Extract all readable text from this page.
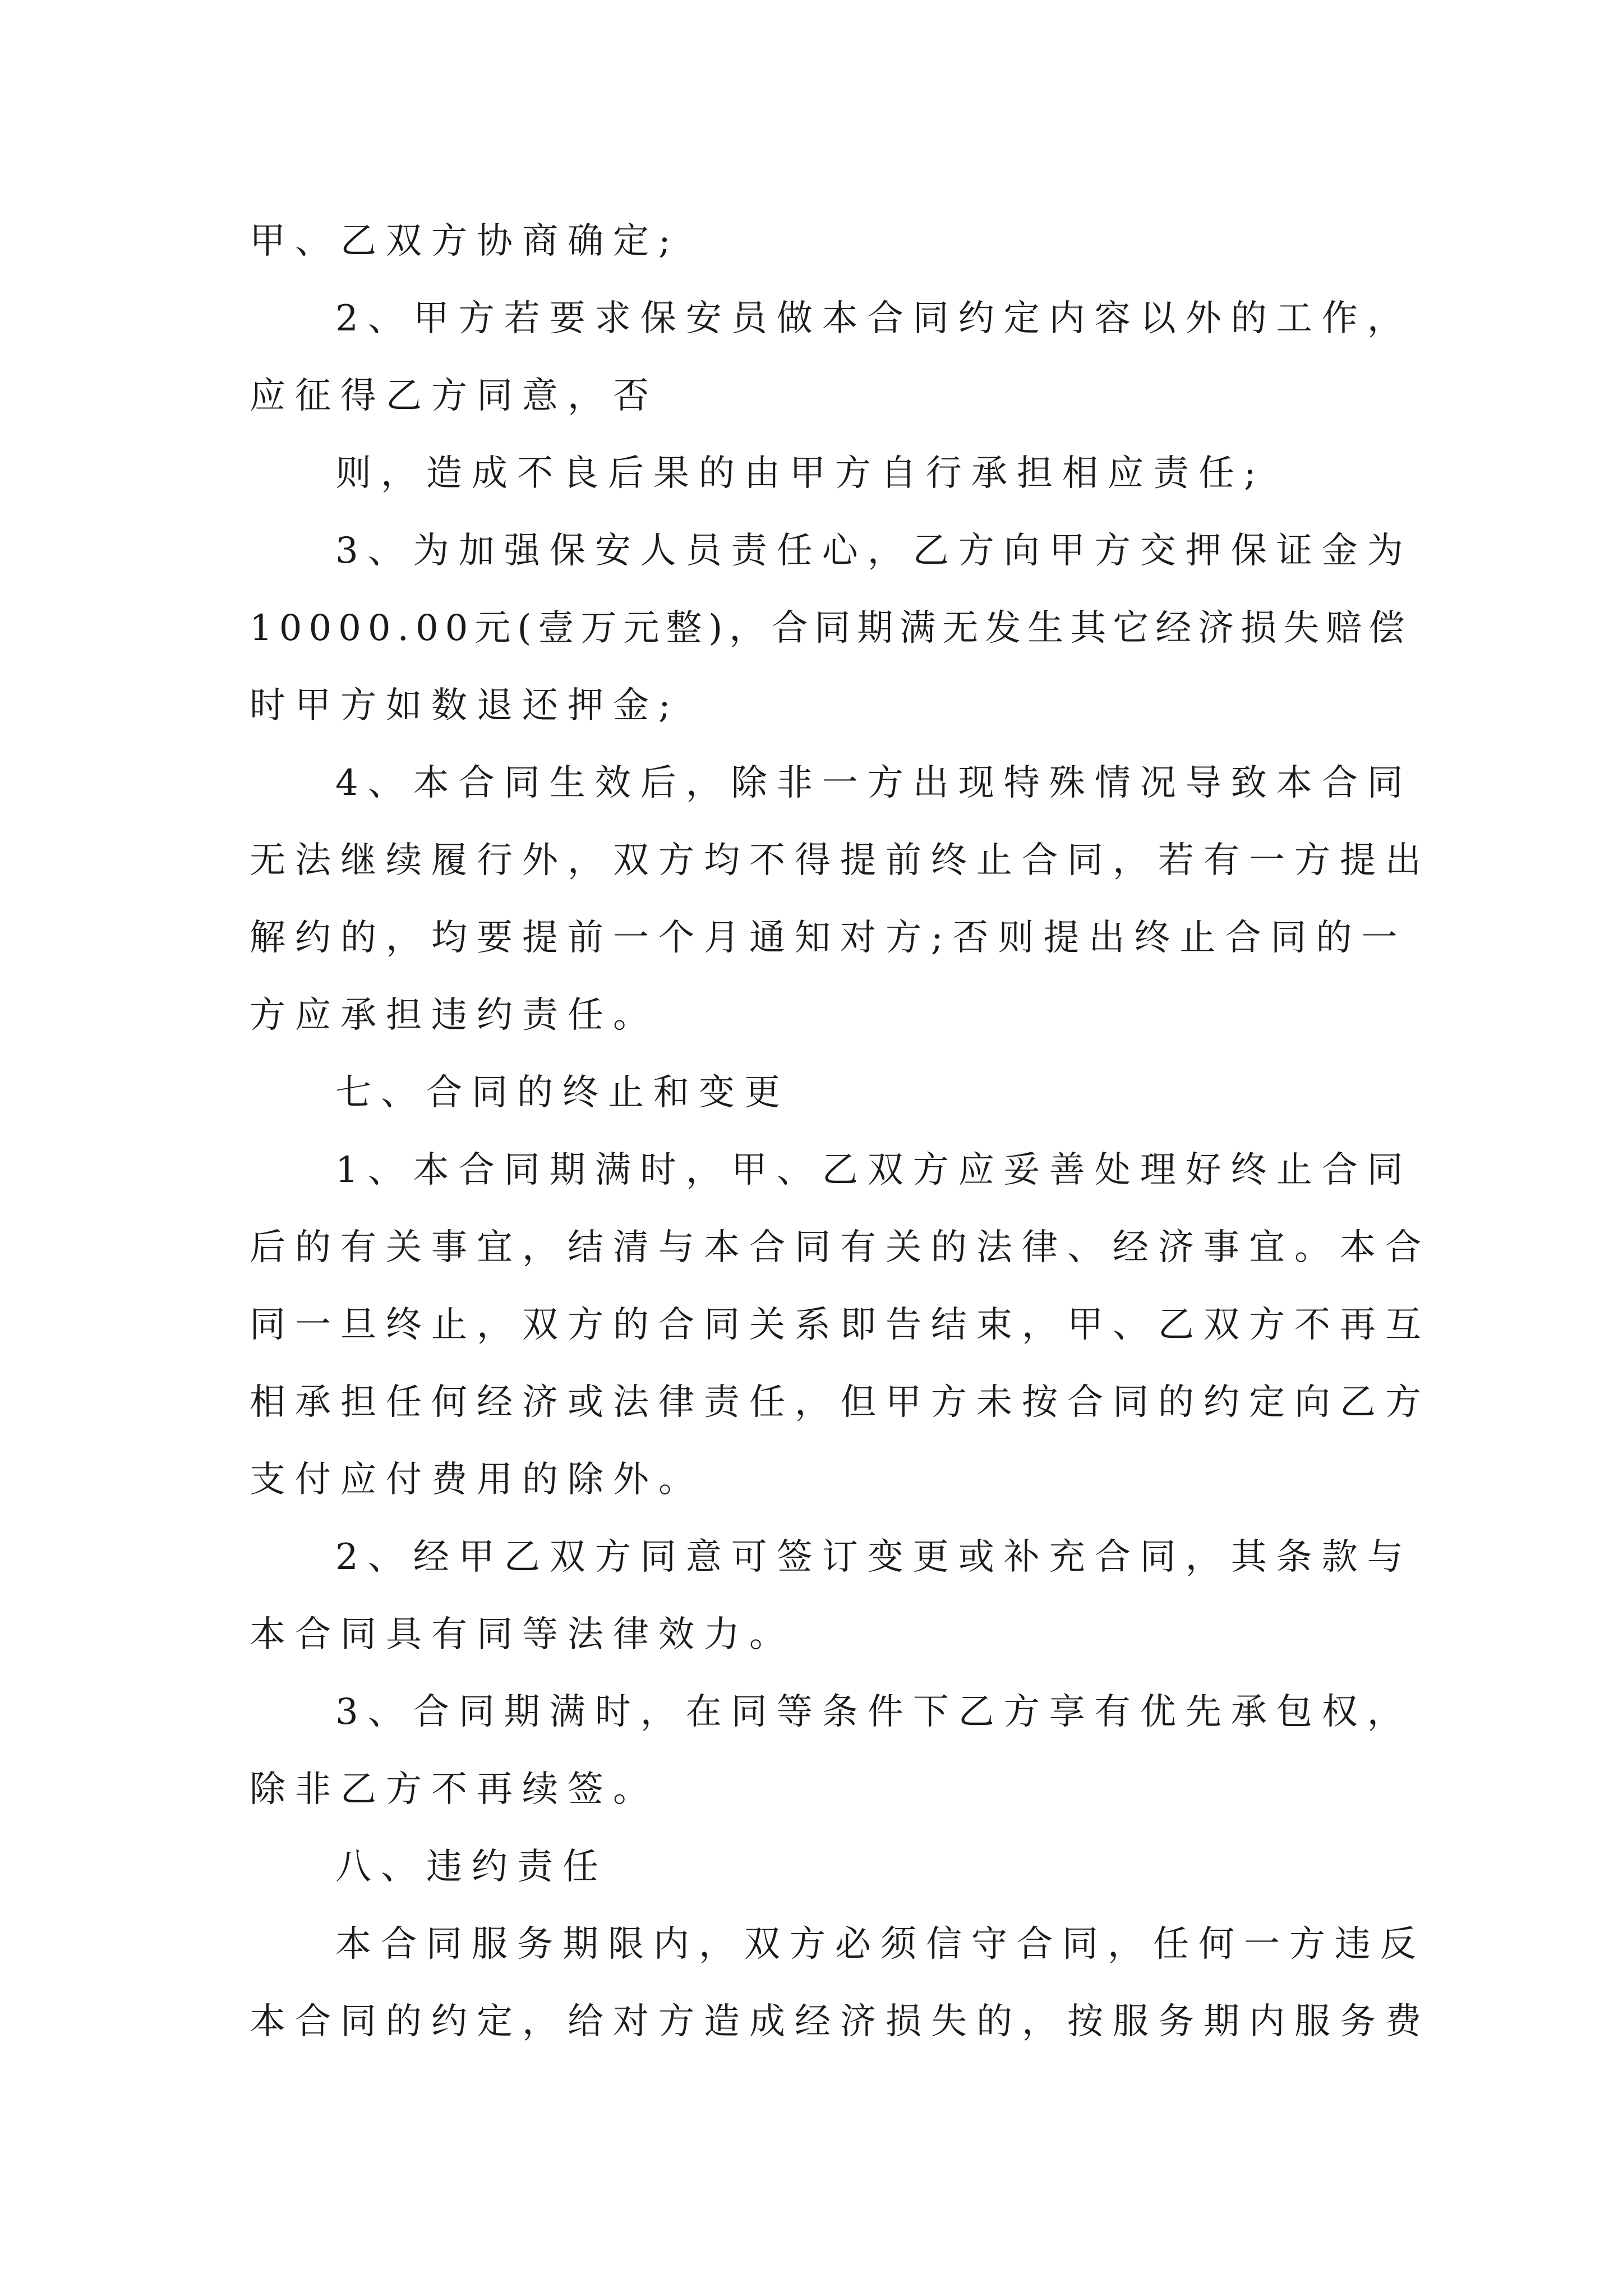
甲、乙双方协商确定;
2、甲方若要求保安员做本合同约定内容以外的工作，
应征得乙方同意，否
则，造成不良后果的由甲方自行承担相应责任;
3、为加强保安人员责任心，乙方向甲方交押保证金为
10000.00元(壹万元整)，合同期满无发生其它经济损失赔偿
时甲方如数退还押金;
4、本合同生效后，除非一方出现特殊情况导致本合同
无法继续履行外，双方均不得提前终止合同，若有一方提出
解约的，均要提前一个月通知对方;否则提出终止合同的一
方应承担违约责任。
七、合同的终止和变更
1、本合同期满时，甲、乙双方应妥善处理好终止合同
后的有关事宜，结清与本合同有关的法律、经济事宜。本合
同一旦终止，双方的合同关系即告结束，甲、乙双方不再互
相承担任何经济或法律责任，但甲方未按合同的约定向乙方
支付应付费用的除外。
2、经甲乙双方同意可签订变更或补充合同，其条款与
本合同具有同等法律效力。
3、合同期满时，在同等条件下乙方享有优先承包权，
除非乙方不再续签。
八、违约责任
本合同服务期限内，双方必须信守合同，任何一方违反
本合同的约定，给对方造成经济损失的，按服务期内服务费
